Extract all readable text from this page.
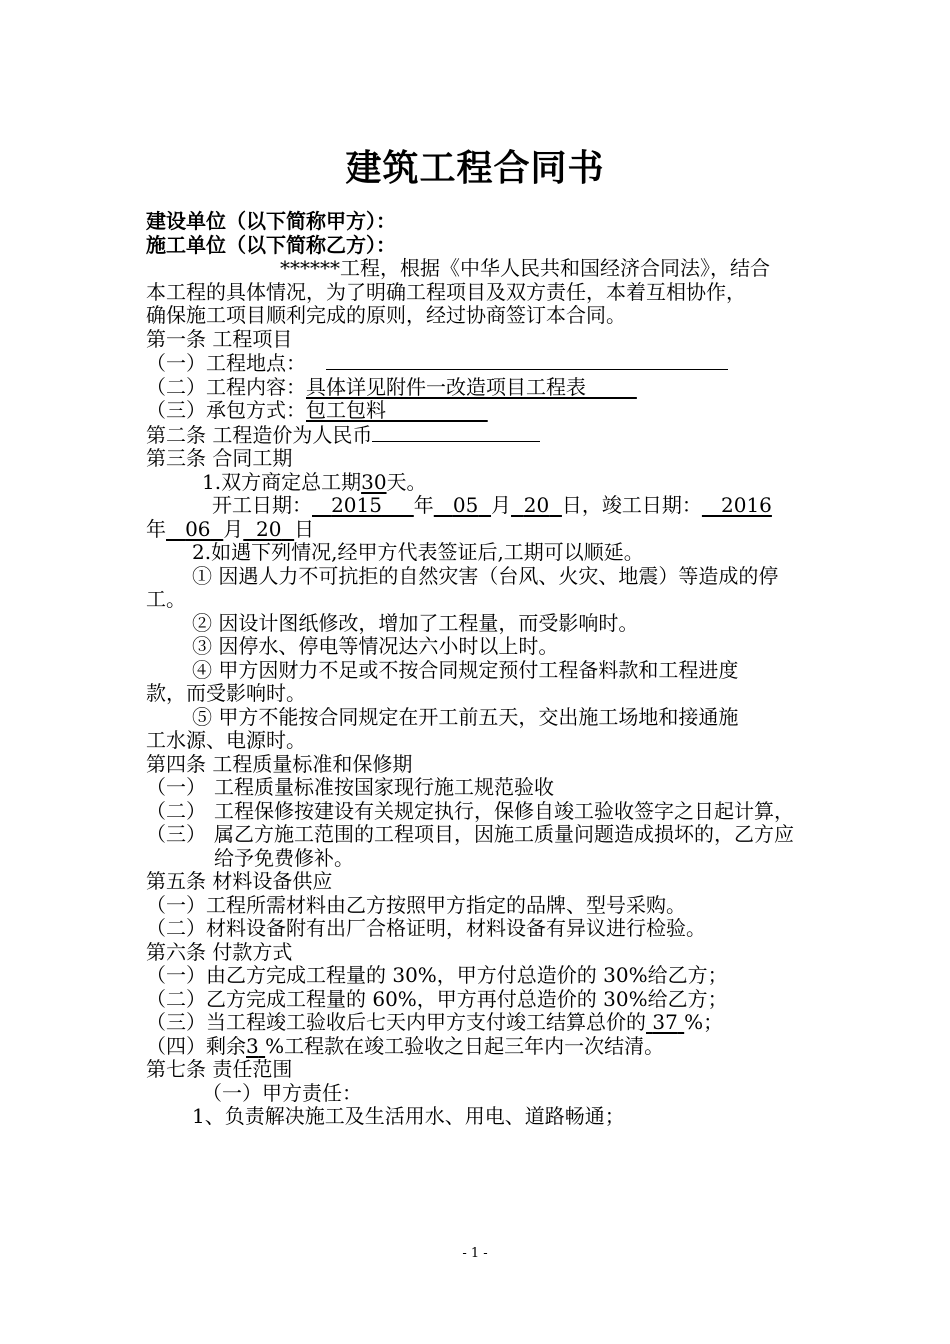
建筑工程合同书
建设单位（以下简称甲方）：
施工单位（以下简称乙方）：
******工程，根据《中华人民共和国经济合同法》，结合
本工程的具体情况，为了明确工程项目及双方责任，本着互相协作，
确保施工项目顺利完成的原则，经过协商签订本合同。
第一条 工程项目
（一）工程地点：
（二）工程内容：具体详见附件一改造项目工程表
（三）承包方式：包工包料
第二条 工程造价为人民币
第三条 合同工期
1.双方商定总工期30天。
开工日期： 2015 年 05 月 20 日，竣工日期： 2016
年 06 月 20 日
2.如遇下列情况,经甲方代表签证后,工期可以顺延。
① 因遇人力不可抗拒的自然灾害（台风、火灾、地震）等造成的停
工。
② 因设计图纸修改，增加了工程量，而受影响时。
③ 因停水、停电等情况达六小时以上时。
④ 甲方因财力不足或不按合同规定预付工程备料款和工程进度
款，而受影响时。
⑤ 甲方不能按合同规定在开工前五天，交出施工场地和接通施
工水源、电源时。
第四条 工程质量标准和保修期
（一） 工程质量标准按国家现行施工规范验收
（二） 工程保修按建设有关规定执行，保修自竣工验收签字之日起计算，
（三） 属乙方施工范围的工程项目，因施工质量问题造成损坏的，乙方应给予免费修补。
第五条 材料设备供应
（一）工程所需材料由乙方按照甲方指定的品牌、型号采购。
（二）材料设备附有出厂合格证明，材料设备有异议进行检验。
第六条 付款方式
（一）由乙方完成工程量的 30%，甲方付总造价的 30%给乙方；
（二）乙方完成工程量的 60%，甲方再付总造价的 30%给乙方；
（三）当工程竣工验收后七天内甲方支付竣工结算总价的 37 %；
（四）剩余3 %工程款在竣工验收之日起三年内一次结清。
第七条 责任范围
（一）甲方责任：
1、负责解决施工及生活用水、用电、道路畅通；
- 1 -
